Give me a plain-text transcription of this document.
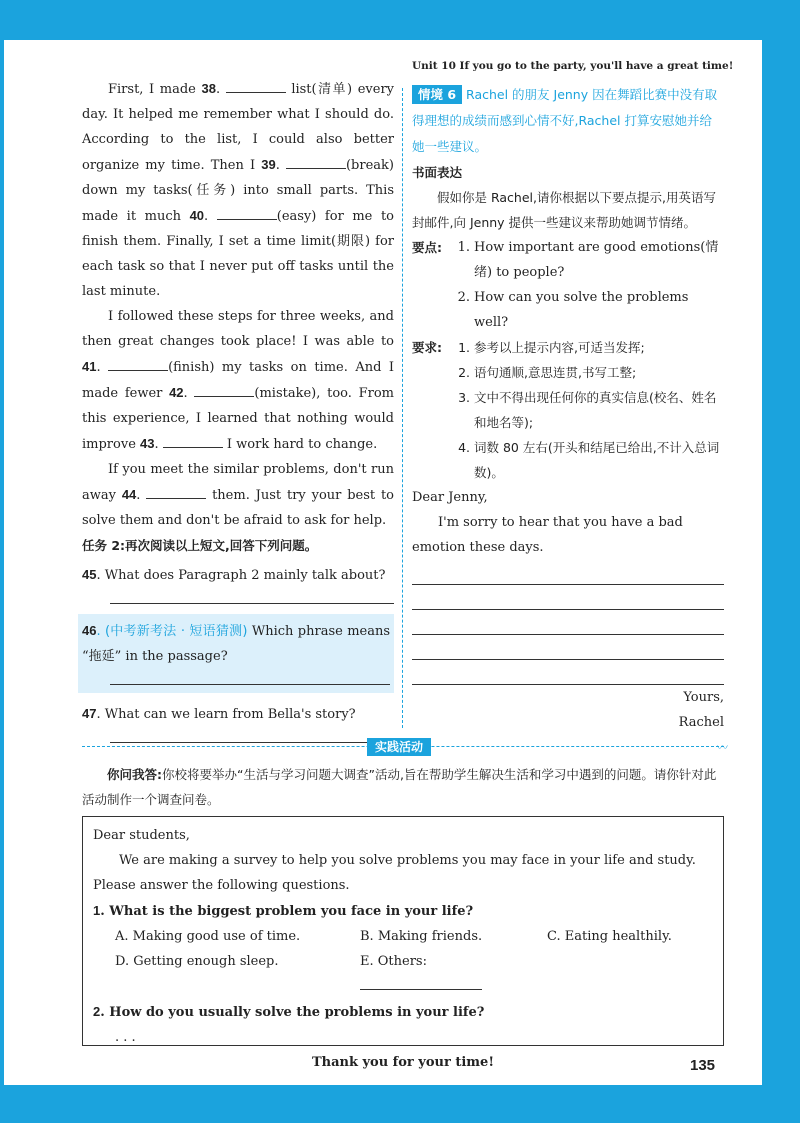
Unit 10 If you go to the party, you'll have a great time!

First, I made 38.	list(清单) every day. It helped me remember what I should do. According to the list, I could also better organize my time. Then I 39.	(break) down my tasks(任务) into small parts. This made it much 40.	(easy) for me to finish them. Finally, I set a time limit(期限) for each task so that I never put off tasks until the last minute.

I followed these steps for three weeks, and then great changes took place! I was able to 41.	(finish) my tasks on time. And I made fewer 42.	(mistake), too. From this experience, I learned that nothing would improve 43.	I work hard to change.

If you meet the similar problems, don't run away 44.	them. Just try your best to solve them and don't be afraid to ask for help.

任务 2:再次阅读以上短文,回答下列问题。

45. What does Paragraph 2 mainly talk about?

46. (中考新考法 · 短语猜测) Which phrase means “拖延” in the passage?

47. What can we learn from Bella's story?

情境 6 Rachel 的朋友 Jenny 因在舞蹈比赛中没有取得理想的成绩而感到心情不好,Rachel 打算安慰她并给她一些建议。

书面表达

假如你是 Rachel,请你根据以下要点提示,用英语写封邮件,向 Jenny 提供一些建议来帮助她调节情绪。

要点:	1. How important are good emotions(情绪) to people?
2. How can you solve the problems well?
要求:	1. 参考以上提示内容,可适当发挥;
2. 语句通顺,意思连贯,书写工整;
3. 文中不得出现任何你的真实信息(校名、姓名和地名等);
4. 词数 80 左右(开头和结尾已给出,不计入总词数)。

Dear Jenny,

I'm sorry to hear that you have a bad emotion these days.

Yours,

Rachel

实践活动	〰

你问我答:你校将要举办“生活与学习问题大调查”活动,旨在帮助学生解决生活和学习中遇到的问题。请你针对此活动制作一个调查问卷。

Dear students,

We are making a survey to help you solve problems you may face in your life and study. Please answer the following questions.

1. What is the biggest problem you face in your life?

A. Making good use of time.	B. Making friends.	C. Eating healthily.
D. Getting enough sleep.	E. Others:

2. How do you usually solve the problems in your life?

. . .

Thank you for your time!	135
